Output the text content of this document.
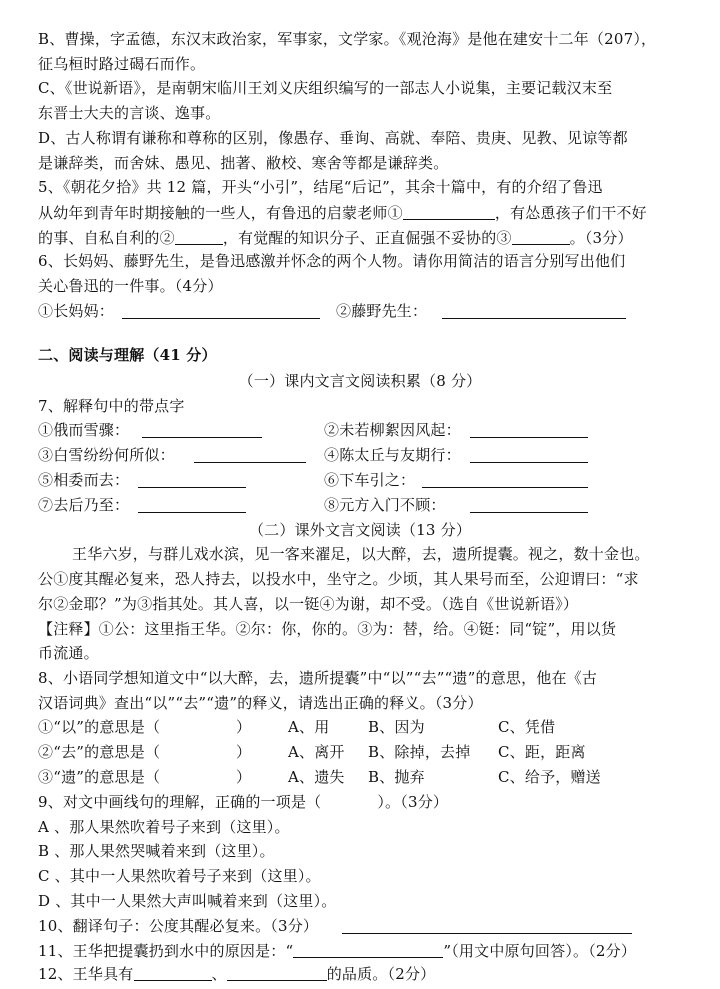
B、曹操，字孟德，东汉末政治家，军事家，文学家。《观沧海》是他在建安十二年（207），
征乌桓时路过碣石而作。
C、《世说新语》，是南朝宋临川王刘义庆组织编写的一部志人小说集，主要记载汉末至
东晋士大夫的言谈、逸事。
D、古人称谓有谦称和尊称的区别，像愚存、垂询、高就、奉陪、贵庚、见教、见谅等都
是谦辞类，而舍妹、愚见、拙著、敝校、寒舍等都是谦辞类。
5、《朝花夕拾》共 12 篇，开头“小引”，结尾“后记”，其余十篇中，有的介绍了鲁迅
从幼年到青年时期接触的一些人，有鲁迅的启蒙老师①	，有怂恿孩子们干不好
的事、自私自利的②	，有觉醒的知识分子、正直倔强不妥协的③	。（3分）
6、长妈妈、藤野先生，是鲁迅感激并怀念的两个人物。请你用简洁的语言分别写出他们
关心鲁迅的一件事。（4分）
①长妈妈：	②藤野先生：
二、阅读与理解（41 分）
（一）课内文言文阅读积累（8 分）
7、解释句中的带点字
①俄而雪骤：	②未若柳絮因风起：
③白雪纷纷何所似：	④陈太丘与友期行：
⑤相委而去：	⑥下车引之：
⑦去后乃至：	⑧元方入门不顾：
（二）课外文言文阅读（13 分）
王华六岁，与群儿戏水滨，见一客来濯足，以大醉，去，遗所提囊。视之，数十金也。
公①度其醒必复来，恐人持去，以投水中，坐守之。少顷，其人果号而至，公迎谓曰：“求
尔②金耶？”为③指其处。其人喜，以一铤④为谢，却不受。（选自《世说新语》）
【注释】①公：这里指王华。②尔：你，你的。③为：替，给。④铤：同“锭”，用以货
币流通。
8、小语同学想知道文中“以大醉，去，遗所提囊”中“以”“去”“遗”的意思，他在《古
汉语词典》查出“以”“去”“遗”的释义，请选出正确的释义。（3分）
①“以”的意思是（	） A、用	B、因为	C、凭借
②“去”的意思是（	） A、离开 B、除掉，去掉 C、距，距离
③“遗”的意思是（	） A、遗失 B、抛弃	C、给予，赠送
9、对文中画线句的理解，正确的一项是（	）。（3分）
A 、那人果然吹着号子来到（这里）。
B 、那人果然哭喊着来到（这里）。
C 、其中一人果然吹着号子来到（这里）。
D 、其中一人果然大声叫喊着来到（这里）。
10、翻译句子：公度其醒必复来。（3分）
11、王华把提囊扔到水中的原因是：“	”（用文中原句回答）。（2分）
12、王华具有	、	的品质。（2分）
